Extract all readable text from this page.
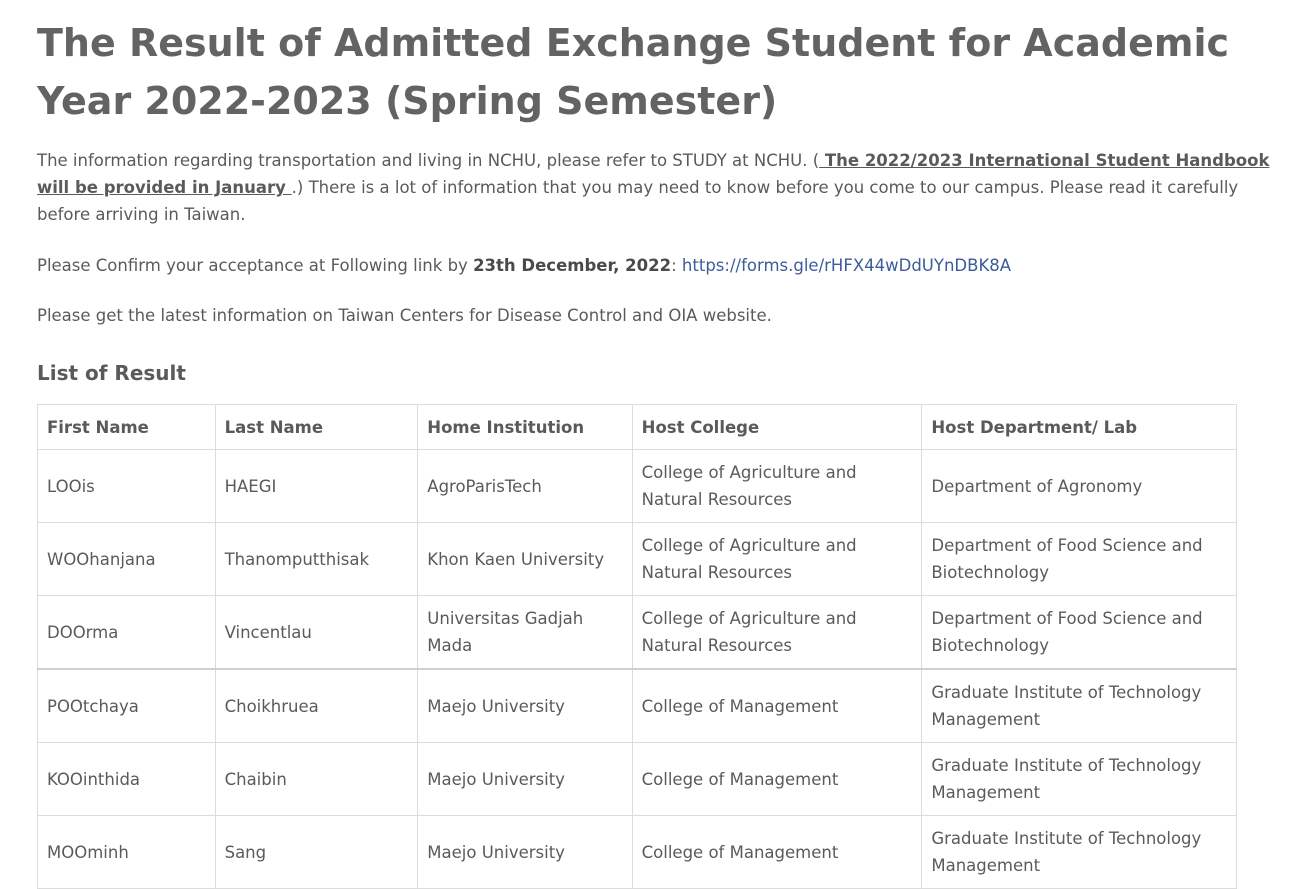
The Result of Admitted Exchange Student for Academic Year 2022-2023 (Spring Semester)

The information regarding transportation and living in NCHU, please refer to STUDY at NCHU. ( The 2022/2023 International Student Handbook will be provided in January .) There is a lot of information that you may need to know before you come to our campus. Please read it carefully before arriving in Taiwan.

Please Confirm your acceptance at Following link by 23th December, 2022: https://forms.gle/rHFX44wDdUYnDBK8A

Please get the latest information on Taiwan Centers for Disease Control and OIA website.

List of Result
First Name	Last Name	Home Institution	Host College	Host Department/ Lab
LOOis	HAEGI	AgroParisTech	College of Agriculture and Natural Resources	Department of Agronomy
WOOhanjana	Thanomputthisak	Khon Kaen University	College of Agriculture and Natural Resources	Department of Food Science and Biotechnology
DOOrma	Vincentlau	Universitas Gadjah Mada	College of Agriculture and Natural Resources	Department of Food Science and Biotechnology
POOtchaya	Choikhruea	Maejo University	College of Management	Graduate Institute of Technology Management
KOOinthida	Chaibin	Maejo University	College of Management	Graduate Institute of Technology Management
MOOminh	Sang	Maejo University	College of Management	Graduate Institute of Technology Management
